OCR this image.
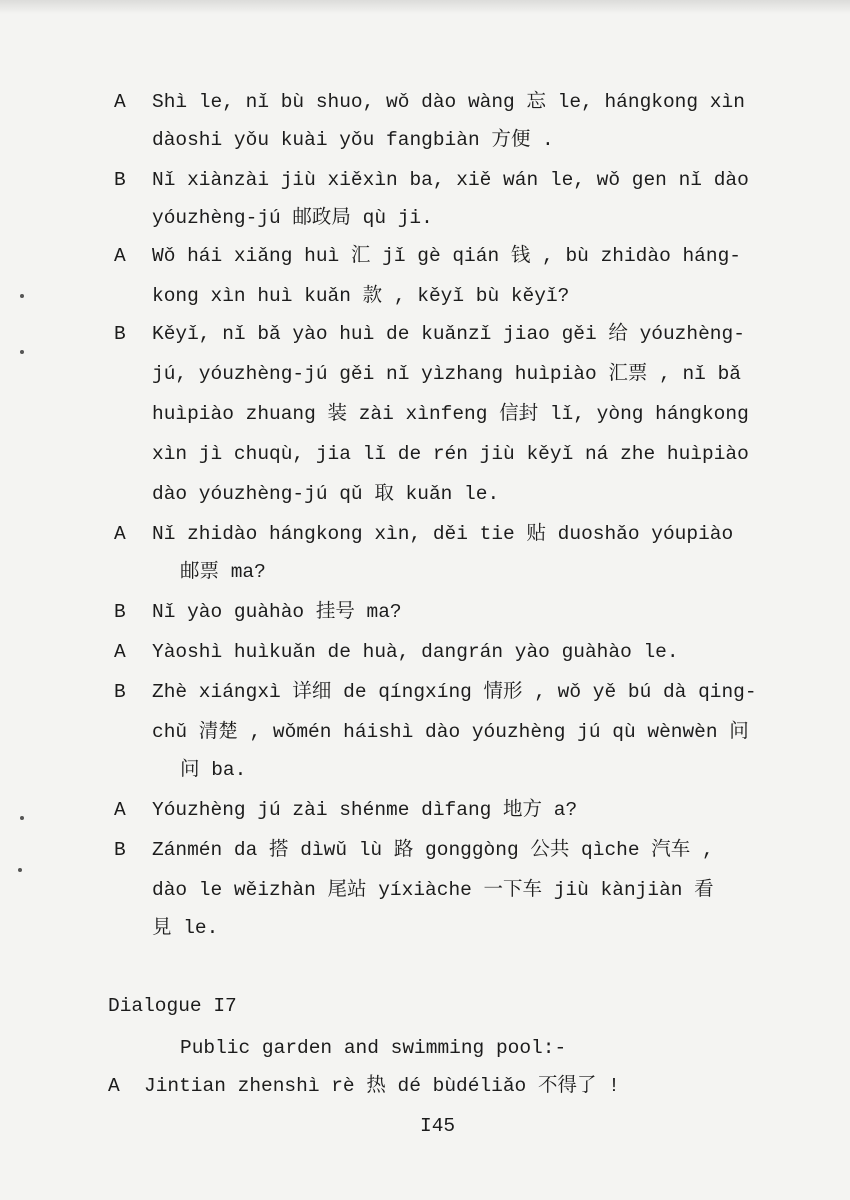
A Shì le, nǐ bù shuo, wǒ dào wàng 忘 le, hángkong xìn
dàoshi yǒu kuài yǒu fangbiàn 方便 .
B Nǐ xiànzài jiù xiěxìn ba, xiě wán le, wǒ gen nǐ dào
yóuzhèng-jú 邮政局 qù ji.
A Wǒ hái xiǎng huì 汇 jǐ gè qián 钱 , bù zhidào háng-
kong xìn huì kuǎn 款 , kěyǐ bù kěyǐ?
B Kěyǐ, nǐ bǎ yào huì de kuǎnzǐ jiao gěi 给 yóuzhèng-
jú, yóuzhèng-jú gěi nǐ yìzhang huìpiào 汇票 , nǐ bǎ
huìpiào zhuang 装 zài xìnfeng 信封 lǐ, yòng hángkong
xìn jì chuqù, jia lǐ de rén jiù kěyǐ ná zhe huìpiào
dào yóuzhèng-jú qǔ 取 kuǎn le.
A Nǐ zhidào hángkong xìn, děi tie 贴 duoshǎo yóupiào
邮票 ma?
B Nǐ yào guàhào 挂号 ma?
A Yàoshì huìkuǎn de huà, dangrán yào guàhào le.
B Zhè xiángxì 详细 de qíngxíng 情形 , wǒ yě bú dà qing-
chǔ 清楚 , wǒmén háishì dào yóuzhèng jú qù wènwèn 问
问 ba.
A Yóuzhèng jú zài shénme dìfang 地方 a?
B Zánmén da 搭 dìwǔ lù 路 gonggòng 公共 qìche 汽车 ,
dào le wěizhàn 尾站 yíxiàche 一下车 jiù kànjiàn 看
見 le.
Dialogue I7
Public garden and swimming pool:-
A Jintian zhenshì rè 热 dé bùdéliǎo 不得了 !
I45
